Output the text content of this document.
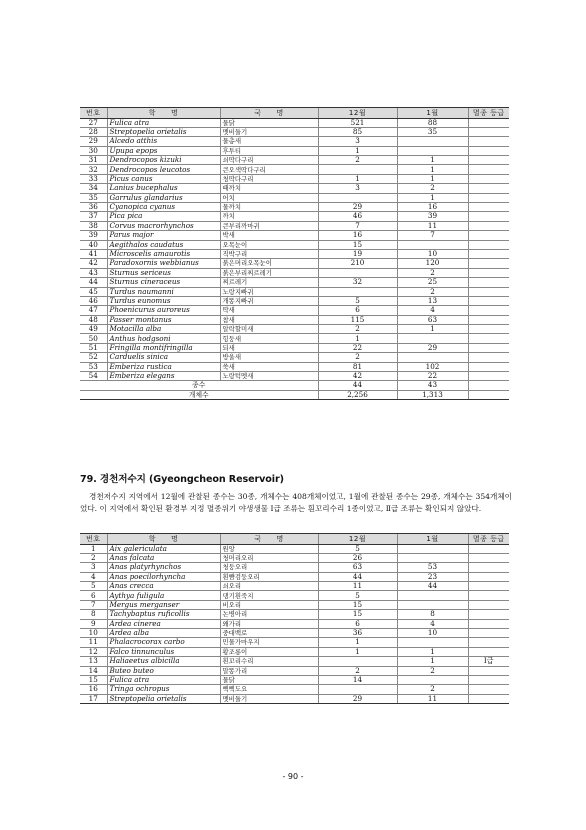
번호	학　　명	국　　명	12월	1월	멸종 등급
27	Fulica atra	물닭	521	88	
28	Streptopelia orietalis	멧비둘기	85	35	
29	Alcedo atthis	물총새	3		
30	Upupa epops	후투티	1		
31	Dendrocopos kizuki	쇠딱다구리	2	1	
32	Dendrocopos leucotos	큰오색딱다구리		1	
33	Picus canus	청딱다구리	1	1	
34	Lanius bucephalus	때까치	3	2	
35	Garrulus glandarius	어치		1	
36	Cyanopica cyanus	물까치	29	16	
37	Pica pica	까치	46	39	
38	Corvus macrorhynchos	큰부리까마귀	7	11	
39	Parus major	박새	16	7	
40	Aegithalos caudatus	오목눈이	15		
41	Microscelis amaurotis	직박구리	19	10	
42	Paradoxornis webbianus	붉은머리오목눈이	210	120	
43	Sturnus sericeus	붉은부리찌르레기		2	
44	Sturnus cineraceus	찌르레기	32	25	
45	Turdus naumanni	노랑지빠귀		2	
46	Turdus eunomus	개똥지빠귀	5	13	
47	Phoenicurus auroreus	딱새	6	4	
48	Passer montanus	참새	115	63	
49	Motacilla alba	알락할미새	2	1	
50	Anthus hodgsoni	힝둥새	1		
51	Fringilla montifringilla	되새	22	29	
52	Carduelis sinica	방울새	2		
53	Emberiza rustica	쑥새	81	102	
54	Emberiza elegans	노랑턱멧새	42	22	
종수			44	43	
개체수			2,256	1,313	
79. 경천저수지 (Gyeongcheon Reservoir)

경천저수지 지역에서 12월에 관찰된 종수는 30종, 개체수는 408개체이었고, 1월에 관찰된 종수는 29종, 개체수는 354개체이었다. 이 지역에서 확인된 환경부 지정 멸종위기 야생생물 Ⅰ급 조류는 흰꼬리수리 1종이었고, Ⅱ급 조류는 확인되지 않았다.

번호	학　　명	국　　명	12월	1월	멸종 등급
1	Aix galericulata	원앙	5		
2	Anas falcata	청머리오리	26		
3	Anas platyrhynchos	청둥오리	63	53	
4	Anas poecilorhyncha	흰뺨검둥오리	44	23	
5	Anas crecca	쇠오리	11	44	
6	Aythya fuligula	댕기흰죽지	5		
7	Mergus merganser	비오리	15		
8	Tachybaptus ruficollis	논병아리	15	8	
9	Ardea cinerea	왜가리	6	4	
10	Ardea alba	중대백로	36	10	
11	Phalacrocorax carbo	민물가마우지	1		
12	Falco tinnunculus	황조롱이	1	1	
13	Haliaeetus albicilla	흰꼬리수리		1	Ⅰ급
14	Buteo buteo	말똥가리	2	2	
15	Fulica atra	물닭	14		
16	Tringa ochropus	삑삑도요		2	
17	Streptopelia orietalis	멧비둘기	29	11	
- 90 -
